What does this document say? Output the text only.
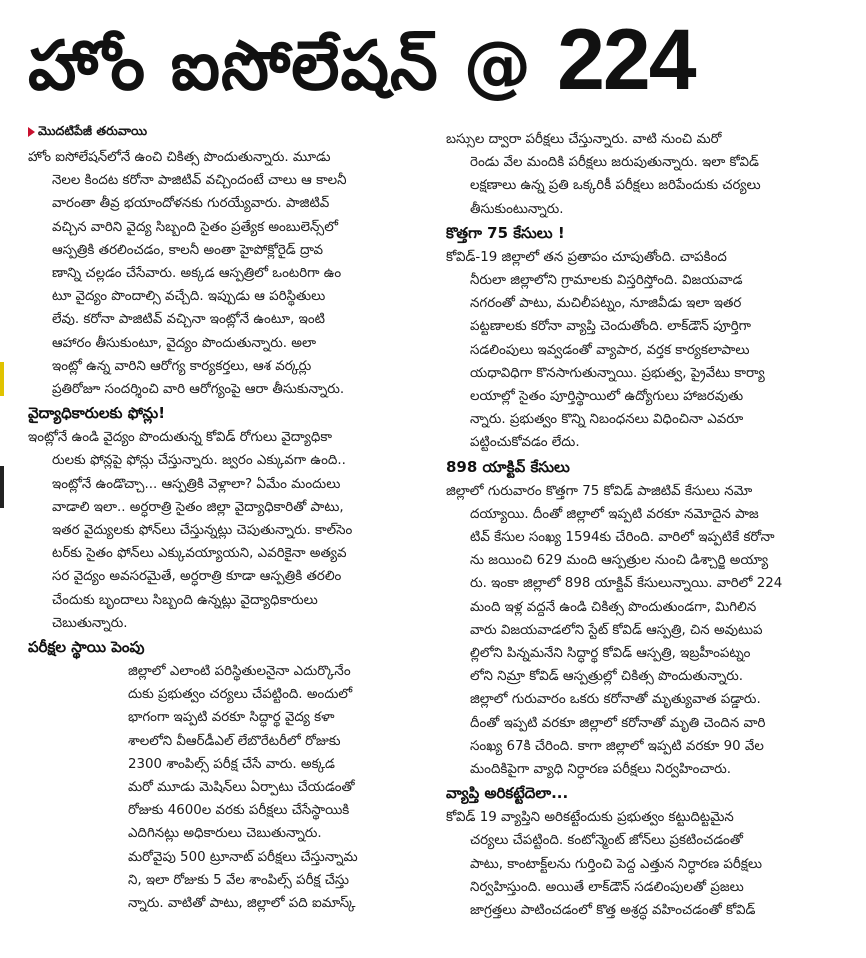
హోం ఐసోలేషన్ @ 224
మొదటిపేజీ తరువాయి
హోం ఐసోలేషన్‌లోనే ఉంచి చికిత్స పొందుతున్నారు. మూడు
నెలల కిందట కరోనా పాజిటివ్ వచ్చిందంటే చాలు ఆ కాలనీ
వారంతా తీవ్ర భయాందోళనకు గురయ్యేవారు. పాజిటివ్
వచ్చిన వారిని వైద్య సిబ్బంది సైతం ప్రత్యేక అంబులెన్స్‌లో
ఆస్పత్రికి తరలించడం, కాలనీ అంతా హైపోక్లోరైడ్ ద్రావ
ణాన్ని చల్లడం చేసేవారు. అక్కడ ఆస్పత్రిలో ఒంటరిగా ఉం
టూ వైద్యం పొందాల్సి వచ్చేది. ఇప్పుడు ఆ పరిస్థితులు
లేవు. కరోనా పాజిటివ్ వచ్చినా ఇంట్లోనే ఉంటూ, ఇంటి
ఆహారం తీసుకుంటూ, వైద్యం పొందుతున్నారు. అలా
ఇంట్లో ఉన్న వారిని ఆరోగ్య కార్యకర్తలు, ఆశ వర్కర్లు
ప్రతిరోజూ సందర్శించి వారి ఆరోగ్యంపై ఆరా తీసుకున్నారు.
వైద్యాధికారులకు ఫోన్లు!
ఇంట్లోనే ఉండి వైద్యం పొందుతున్న కోవిడ్ రోగులు వైద్యాధికా
రులకు ఫోన్లపై ఫోన్లు చేస్తున్నారు. జ్వరం ఎక్కువగా ఉంది..
ఇంట్లోనే ఉండొచ్చా... ఆస్పత్రికి వెళ్లాలా? ఏమేం మందులు
వాడాలి ఇలా.. అర్ధరాత్రి సైతం జిల్లా వైద్యాధికారితో పాటు,
ఇతర వైద్యులకు ఫోన్‌లు చేస్తున్నట్లు చెపుతున్నారు. కాల్‌సెం
టర్‌కు సైతం ఫోన్‌లు ఎక్కువయ్యాయని, ఎవరికైనా అత్యవ
సర వైద్యం అవసరమైతే, అర్ధరాత్రి కూడా ఆస్పత్రికి తరలిం
చేందుకు బృందాలు సిబ్బంది ఉన్నట్లు వైద్యాధికారులు
చెబుతున్నారు.
పరీక్షల స్థాయి పెంపు
జిల్లాలో ఎలాంటి పరిస్థితులనైనా ఎదుర్కొనేం
దుకు ప్రభుత్వం చర్యలు చేపట్టింది. అందులో
భాగంగా ఇప్పటి వరకూ సిద్ధార్థ వైద్య కళా
శాలలోని వీఆర్‌డీఎల్ లేబొరేటరీలో రోజుకు
2300 శాంపిల్స్ పరీక్ష చేసే వారు. అక్కడ
మరో మూడు మెషిన్‌లు ఏర్పాటు చేయడంతో
రోజుకు 4600ల వరకు పరీక్షలు చేసేస్థాయికి
ఎదిగినట్లు అధికారులు చెబుతున్నారు.
మరోవైపు 500 ట్రూనాట్ పరీక్షలు చేస్తున్నామ
ని, ఇలా రోజుకు 5 వేల శాంపిల్స్ పరీక్ష చేస్తు
న్నారు. వాటితో పాటు, జిల్లాలో పది ఐమాస్క్
బస్సుల ద్వారా పరీక్షలు చేస్తున్నారు. వాటి నుంచి మరో
రెండు వేల మందికి పరీక్షలు జరుపుతున్నారు. ఇలా కోవిడ్
లక్షణాలు ఉన్న ప్రతి ఒక్కరికీ పరీక్షలు జరిపేందుకు చర్యలు
తీసుకుంటున్నారు.
కొత్తగా 75 కేసులు !
కోవిడ్-19 జిల్లాలో తన ప్రతాపం చూపుతోంది. చాపకింద
నీరులా జిల్లాలోని గ్రామాలకు విస్తరిస్తోంది. విజయవాడ
నగరంతో పాటు, మచిలీపట్నం, నూజివీడు ఇలా ఇతర
పట్టణాలకు కరోనా వ్యాప్తి చెందుతోంది. లాక్‌డౌన్ పూర్తిగా
సడలింపులు ఇవ్వడంతో వ్యాపార, వర్తక కార్యకలాపాలు
యధావిధిగా కొనసాగుతున్నాయి. ప్రభుత్వ, ప్రైవేటు కార్యా
లయాల్లో సైతం పూర్తిస్థాయిలో ఉద్యోగులు హాజరవుతు
న్నారు. ప్రభుత్వం కొన్ని నిబంధనలు విధించినా ఎవరూ
పట్టించుకోవడం లేదు.
898 యాక్టివ్ కేసులు
జిల్లాలో గురువారం కొత్తగా 75 కోవిడ్ పాజిటివ్ కేసులు నమో
దయ్యాయి. దీంతో జిల్లాలో ఇప్పటి వరకూ నమోదైన పాజ
టివ్ కేసుల సంఖ్య 1594కు చేరింది. వారిలో ఇప్పటికే కరోనా
ను జయించి 629 మంది ఆస్పత్రుల నుంచి డిశ్చార్జి అయ్యా
రు. ఇంకా జిల్లాలో 898 యాక్టివ్ కేసులున్నాయి. వారిలో 224
మంది ఇళ్ల వద్దనే ఉండి చికిత్స పొందుతుండగా, మిగిలిన
వారు విజయవాడలోని స్టేట్ కోవిడ్ ఆస్పత్రి, చిన అవుటుప
ల్లిలోని పిన్నమనేని సిద్ధార్థ కోవిడ్ ఆస్పత్రి, ఇబ్రహీంపట్నం
లోని నిమ్రా కోవిడ్ ఆస్పత్రుల్లో చికిత్స పొందుతున్నారు.
జిల్లాలో గురువారం ఒకరు కరోనాతో మృత్యువాత పడ్డారు.
దీంతో ఇప్పటి వరకూ జిల్లాలో కరోనాతో మృతి చెందిన వారి
సంఖ్య 67కి చేరింది. కాగా జిల్లాలో ఇప్పటి వరకూ 90 వేల
మందికిపైగా వ్యాధి నిర్ధారణ పరీక్షలు నిర్వహించారు.
వ్యాప్తి అరికట్టేదెలా...
కోవిడ్ 19 వ్యాప్తిని అరికట్టేందుకు ప్రభుత్వం కట్టుదిట్టమైన
చర్యలు చేపట్టింది. కంటోన్మెంట్ జోన్‌లు ప్రకటించడంతో
పాటు, కాంటాక్ట్‌లను గుర్తించి పెద్ద ఎత్తున నిర్ధారణ పరీక్షలు
నిర్వహిస్తుంది. అయితే లాక్‌డౌన్ సడలింపులతో ప్రజలు
జాగ్రత్తలు పాటించడంలో కొత్త అశ్రద్ధ వహించడంతో కోవిడ్
